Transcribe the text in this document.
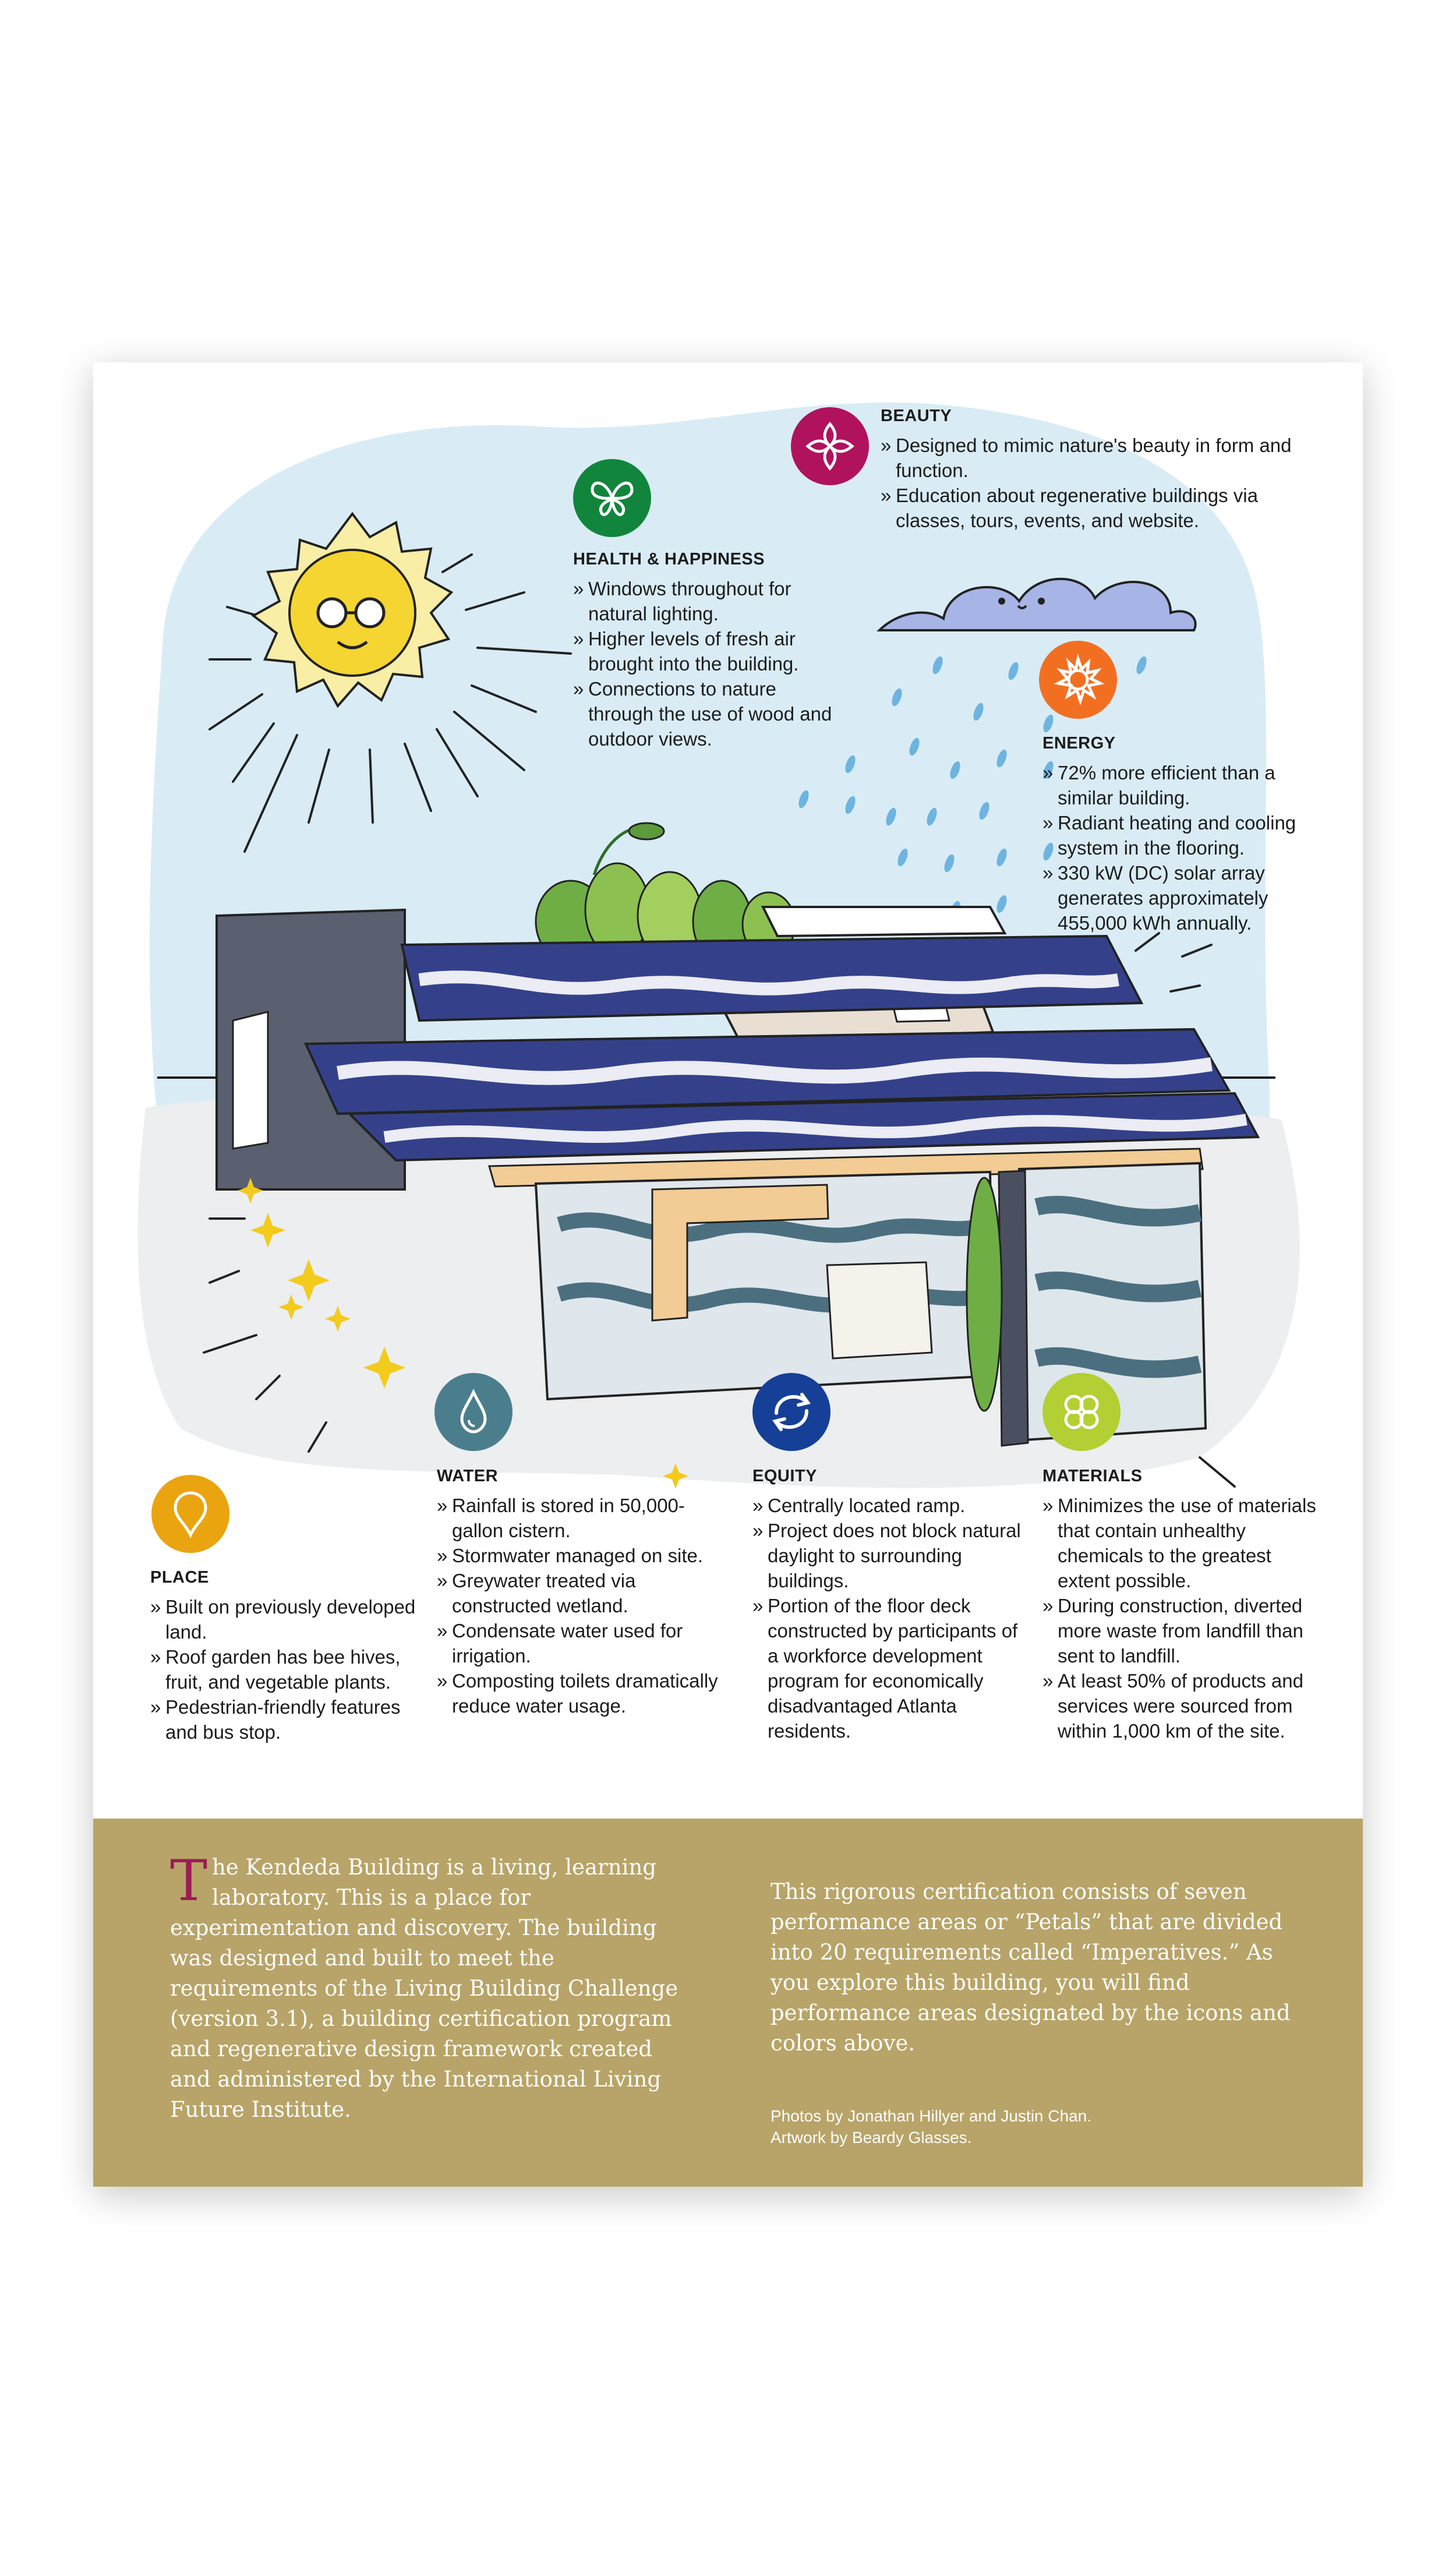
BEAUTY
» Designed to mimic nature's beauty in form and function.
» Education about regenerative buildings via classes, tours, events, and website.
HEALTH & HAPPINESS
» Windows throughout for natural lighting.
» Higher levels of fresh air brought into the building.
» Connections to nature through the use of wood and outdoor views.	ENERGY
» 72% more efficient than a similar building.
» Radiant heating and cooling system in the flooring.
» 330 kW (DC) solar array generates approximately 455,000 kWh annually.
PLACE
» Built on previously developed land.
» Roof garden has bee hives, fruit, and vegetable plants.
» Pedestrian-friendly features and bus stop.
WATER
» Rainfall is stored in 50,000-gallon cistern.
» Stormwater managed on site.
» Greywater treated via constructed wetland.
» Condensate water used for irrigation.
» Composting toilets dramatically reduce water usage.
EQUITY
» Centrally located ramp.
» Project does not block natural daylight to surrounding buildings.
» Portion of the floor deck constructed by participants of a workforce development program for economically disadvantaged Atlanta residents.
MATERIALS
» Minimizes the use of materials that contain unhealthy chemicals to the greatest extent possible.
» During construction, diverted more waste from landfill than sent to landfill.
» At least 50% of products and services were sourced from within 1,000 km of the site.
The Kendeda Building is a living, learning laboratory. This is a place for experimentation and discovery. The building was designed and built to meet the requirements of the Living Building Challenge (version 3.1), a building certification program and regenerative design framework created and administered by the International Living Future Institute.
This rigorous certification consists of seven performance areas or “Petals” that are divided into 20 requirements called “Imperatives.” As you explore this building, you will find performance areas designated by the icons and colors above.
Photos by Jonathan Hillyer and Justin Chan.
Artwork by Beardy Glasses.
